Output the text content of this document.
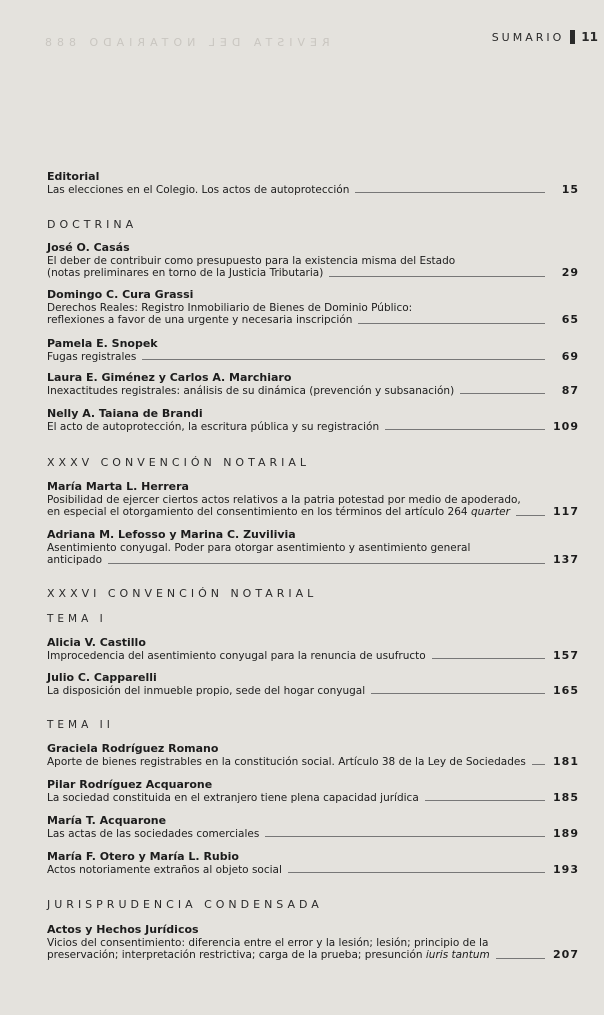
REVISTA DEL NOTARIADO 888	SUMARIO 11
Editorial
Las elecciones en el Colegio. Los actos de autoprotección	15
DOCTRINA
José O. Casás
El deber de contribuir como presupuesto para la existencia misma del Estado
(notas preliminares en torno de la Justicia Tributaria)	29
Domingo C. Cura Grassi
Derechos Reales: Registro Inmobiliario de Bienes de Dominio Público:
reflexiones a favor de una urgente y necesaria inscripción	65
Pamela E. Snopek
Fugas registrales	69
Laura E. Giménez y Carlos A. Marchiaro
Inexactitudes registrales: análisis de su dinámica (prevención y subsanación)	87
Nelly A. Taiana de Brandi
El acto de autoprotección, la escritura pública y su registración	109
XXXV CONVENCIÓN NOTARIAL
María Marta L. Herrera
Posibilidad de ejercer ciertos actos relativos a la patria potestad por medio de apoderado,
en especial el otorgamiento del consentimiento en los términos del artículo 264 quarter	117
Adriana M. Lefosso y Marina C. Zuvilivia
Asentimiento conyugal. Poder para otorgar asentimiento y asentimiento general
anticipado	137
XXXVI CONVENCIÓN NOTARIAL
TEMA I
Alicia V. Castillo
Improcedencia del asentimiento conyugal para la renuncia de usufructo	157
Julio C. Capparelli
La disposición del inmueble propio, sede del hogar conyugal	165
TEMA II
Graciela Rodríguez Romano
Aporte de bienes registrables en la constitución social. Artículo 38 de la Ley de Sociedades 181
Pilar Rodríguez Acquarone
La sociedad constituida en el extranjero tiene plena capacidad jurídica	185
María T. Acquarone
Las actas de las sociedades comerciales	189
María F. Otero y María L. Rubio
Actos notoriamente extraños al objeto social	193
JURISPRUDENCIA CONDENSADA
Actos y Hechos Jurídicos
Vicios del consentimiento: diferencia entre el error y la lesión; lesión; principio de la
preservación; interpretación restrictiva; carga de la prueba; presunción iuris tantum	207
